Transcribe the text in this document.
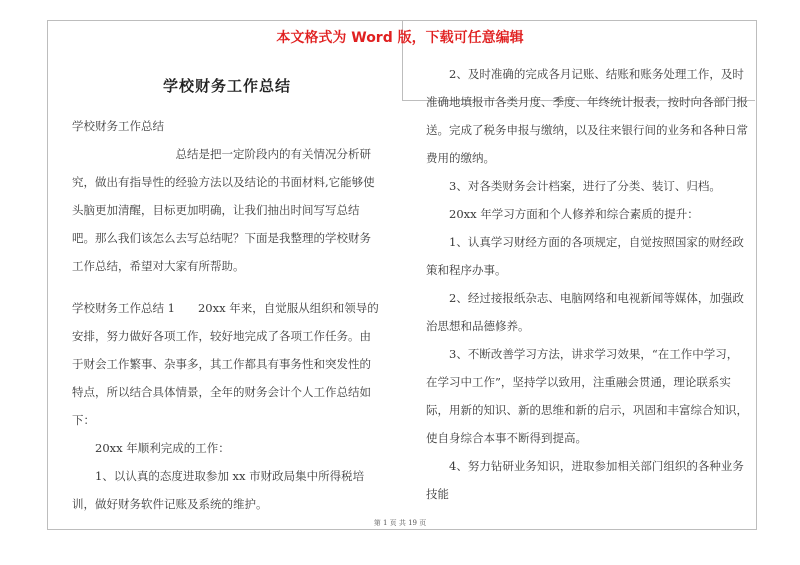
本文格式为 Word 版，下载可任意编辑
学校财务工作总结

学校财务工作总结

总结是把一定阶段内的有关情况分析研究，做出有指导性的经验方法以及结论的书面材料,它能够使头脑更加清醒，目标更加明确，让我们抽出时间写写总结吧。那么我们该怎么去写总结呢？下面是我整理的学校财务工作总结，希望对大家有所帮助。

学校财务工作总结 1　　20xx 年来，自觉服从组织和领导的安排，努力做好各项工作，较好地完成了各项工作任务。由于财会工作繁事、杂事多，其工作都具有事务性和突发性的特点，所以结合具体情景，全年的财务会计个人工作总结如下：

20xx 年顺利完成的工作：

1、以认真的态度进取参加 xx 市财政局集中所得税培训，做好财务软件记账及系统的维护。

2、及时准确的完成各月记账、结账和账务处理工作，及时准确地填报市各类月度、季度、年终统计报表，按时向各部门报送。完成了税务申报与缴纳，以及往来银行间的业务和各种日常费用的缴纳。

3、对各类财务会计档案，进行了分类、装订、归档。

20xx 年学习方面和个人修养和综合素质的提升：

1、认真学习财经方面的各项规定，自觉按照国家的财经政策和程序办事。

2、经过接报纸杂志、电脑网络和电视新闻等媒体，加强政治思想和品德修养。

3、不断改善学习方法，讲求学习效果，“在工作中学习，在学习中工作”，坚持学以致用，注重融会贯通，理论联系实际，用新的知识、新的思维和新的启示，巩固和丰富综合知识，使自身综合本事不断得到提高。

4、努力钻研业务知识，进取参加相关部门组织的各种业务技能

第 1 页 共 19 页
